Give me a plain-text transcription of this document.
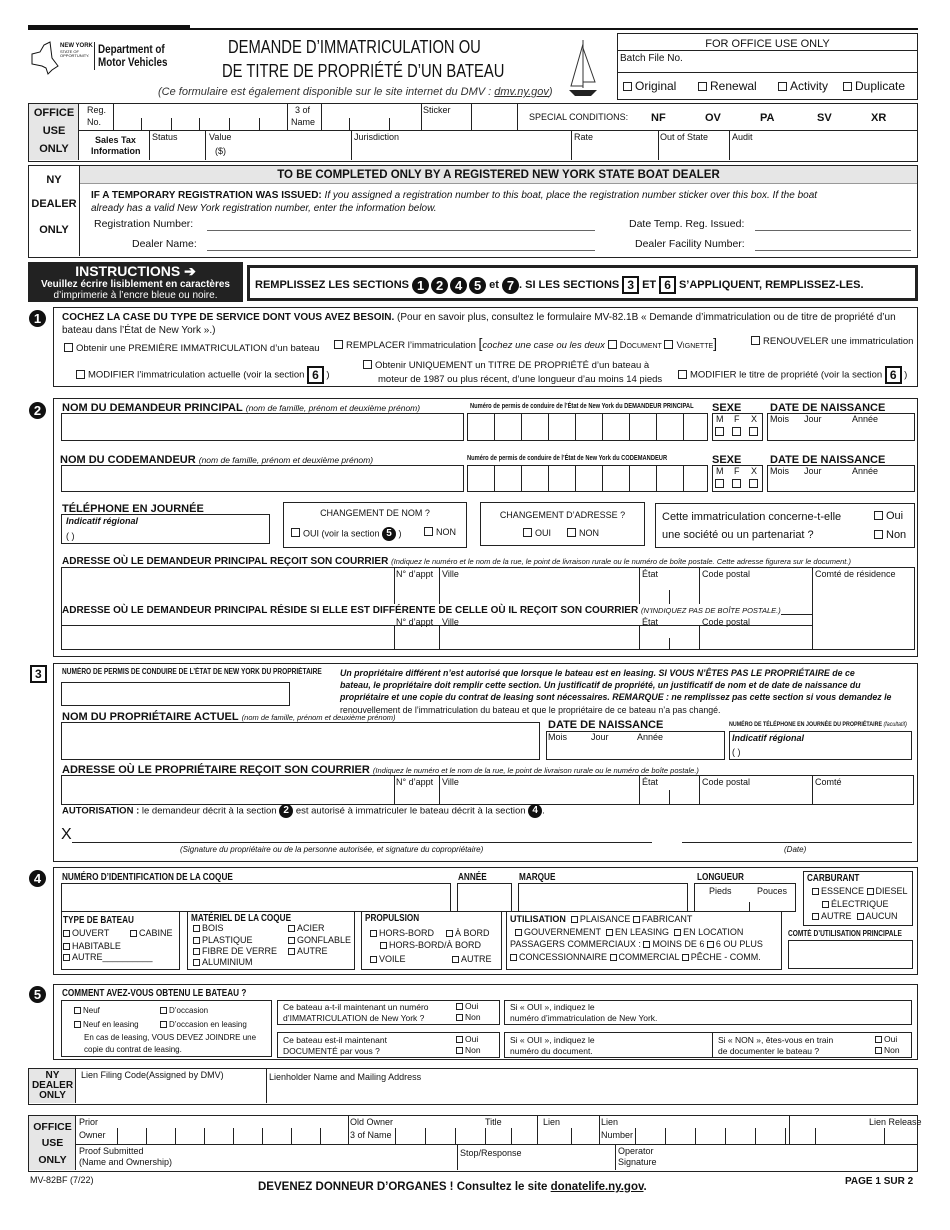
NEW YORK
STATE OF
OPPORTUNITY. Department of
Motor Vehicles
DEMANDE D’IMMATRICULATION OU
DE TITRE DE PROPRIÉTÉ D’UN BATEAU
(Ce formulaire est également disponible sur le site internet du DMV : dmv.ny.gov)
FOR OFFICE USE ONLY
Batch File No.
Original	Renewal	Activity	Duplicate
OFFICE
USE
ONLY
Reg.
No.
3 of
Name
Sticker
SPECIAL CONDITIONS: NF	OV	PA	SV	XR
Sales Tax
Information
Status	Value
($)
Jurisdiction	Rate	Out of State	Audit
NY
DEALER
ONLY
TO BE COMPLETED ONLY BY A REGISTERED NEW YORK STATE BOAT DEALER
IF A TEMPORARY REGISTRATION WAS ISSUED: If you assigned a registration number to this boat, place the registration number sticker over this box. If the boat
already has a valid New York registration number, enter the information below.
Registration Number:	Date Temp. Reg. Issued:
Dealer Name:	Dealer Facility Number:
INSTRUCTIONS ➔
Veuillez écrire lisiblement en caractères
d’imprimerie à l’encre bleue ou noire.
REMPLISSEZ LES SECTIONS 1 2 4 5 et 7 . SI LES SECTIONS 3 ET 6 S’APPLIQUENT, REMPLISSEZ-LES.
1	COCHEZ LA CASE DU TYPE DE SERVICE DONT VOUS AVEZ BESOIN. (Pour en savoir plus, consultez le formulaire MV-82.1B « Demande d’immatriculation ou de titre de propriété d’un
bateau dans l’État de New York ».)
Obtenir une PREMIÈRE IMMATRICULATION d’un bateau	REMPLACER l’immatriculation [cochez une case ou les deux Document Vignette]	RENOUVELER une immatriculation
MODIFIER l’immatriculation actuelle (voir la section 6 )
Obtenir UNIQUEMENT un TITRE DE PROPRIÉTÉ d’un bateau à
moteur de 1987 ou plus récent, d’une longueur d’au moins 14 pieds	MODIFIER le titre de propriété (voir la section 6 )
2	NOM DU DEMANDEUR PRINCIPAL (nom de famille, prénom et deuxième prénom)	Numéro de permis de conduire de l’État de New York du DEMANDEUR PRINCIPAL SEXE
M F X
DATE DE NAISSANCE
Mois Jour	Année
NOM DU CODEMANDEUR (nom de famille, prénom et deuxième prénom)	Numéro de permis de conduire de l’État de New York du CODEMANDEUR	SEXE
M F X
DATE DE NAISSANCE
Mois Jour	Année
TÉLÉPHONE EN JOURNÉE
Indicatif régional
( )
CHANGEMENT DE NOM ?
OUI (voir la section 5 )	NON
CHANGEMENT D’ADRESSE ?
OUI	NON
Cette immatriculation concerne-t-elle
une société ou un partenariat ?
Oui
Non
ADRESSE OÙ LE DEMANDEUR PRINCIPAL REÇOIT SON COURRIER (Indiquez le numéro et le nom de la rue, le point de livraison rurale ou le numéro de boîte postale. Cette adresse figurera sur le document.)
N° d’appt Ville	État	Code postal	Comté de résidence
ADRESSE OÙ LE DEMANDEUR PRINCIPAL RÉSIDE SI ELLE EST DIFFÉRENTE DE CELLE OÙ IL REÇOIT SON COURRIER (N’INDIQUEZ PAS DE BOÎTE POSTALE.)
N° d’appt Ville	État	Code postal
3	NUMÉRO DE PERMIS DE CONDUIRE DE L’ÉTAT DE NEW YORK DU PROPRIÉTAIRE Un propriétaire différent n’est autorisé que lorsque le bateau est en leasing. SI VOUS N’ÊTES PAS LE PROPRIÉTAIRE de ce
bateau, le propriétaire doit remplir cette section. Un justificatif de propriété, un justificatif de nom et de date de naissance du
propriétaire et une copie du contrat de leasing sont nécessaires. REMARQUE : ne remplissez pas cette section si vous demandez le
renouvellement de l’immatriculation du bateau et que le propriétaire de ce bateau n’a pas changé.
NOM DU PROPRIÉTAIRE ACTUEL (nom de famille, prénom et deuxième prénom)
DATE DE NAISSANCE
Mois	Jour	Année
NUMÉRO DE TÉLÉPHONE EN JOURNÉE DU PROPRIÉTAIRE (facultatif)
Indicatif régional
( )
ADRESSE OÙ LE PROPRIÉTAIRE REÇOIT SON COURRIER (Indiquez le numéro et le nom de la rue, le point de livraison rurale ou le numéro de boîte postale.)
N° d’appt Ville	État	Code postal	Comté
AUTORISATION : le demandeur décrit à la section 2 est autorisé à immatriculer le bateau décrit à la section 4 .
X
(Signature du propriétaire ou de la personne autorisée, et signature du copropriétaire)	(Date)
4	NUMÉRO D’IDENTIFICATION DE LA COQUE	ANNÉE	MARQUE	LONGUEUR
Pieds	Pouces
CARBURANT
ESSENCE DIESEL
ÉLECTRIQUE
AUTRE AUCUN
COMTÉ D’UTILISATION PRINCIPALE
TYPE DE BATEAU
OUVERT	CABINE
HABITABLE
AUTRE__________
MATÉRIEL DE LA COQUE
BOIS	ACIER
PLASTIQUE	GONFLABLE
FIBRE DE VERRE	AUTRE
ALUMINIUM
PROPULSION
HORS-BORD	À BORD
HORS-BORD/À BORD
VOILE	AUTRE
UTILISATION PLAISANCE FABRICANT
GOUVERNEMENT EN LEASING EN LOCATION
PASSAGERS COMMERCIAUX : MOINS DE 6 6 OU PLUS
CONCESSIONNAIRE COMMERCIAL PÊCHE - COMM.
5	COMMENT AVEZ-VOUS OBTENU LE BATEAU ?
Neuf	D’occasion
Neuf en leasing	D’occasion en leasing
En cas de leasing, VOUS DEVEZ JOINDRE une
copie du contrat de leasing.
Ce bateau a-t-il maintenant un numéro
d’IMMATRICULATION de New York ?
Oui
Non
Si « OUI », indiquez le
numéro d’immatriculation de New York.
Ce bateau est-il maintenant
DOCUMENTÉ par vous ?
Oui
Non
Si « OUI », indiquez le
numéro du document.
Si « NON », êtes-vous en train
de documenter le bateau ?
Oui
Non
NY
DEALER
ONLY
Lien Filing Code(Assigned by DMV)	Lienholder Name and Mailing Address
OFFICE
USE
ONLY
Prior
Owner
Old Owner
3 of Name
Title	Lien	Lien
Number
Lien Release
Proof Submitted
(Name and Ownership)
Stop/Response	Operator
Signature
MV-82BF (7/22)
DEVENEZ DONNEUR D’ORGANES ! Consultez le site donatelife.ny.gov.	PAGE 1 SUR 2
